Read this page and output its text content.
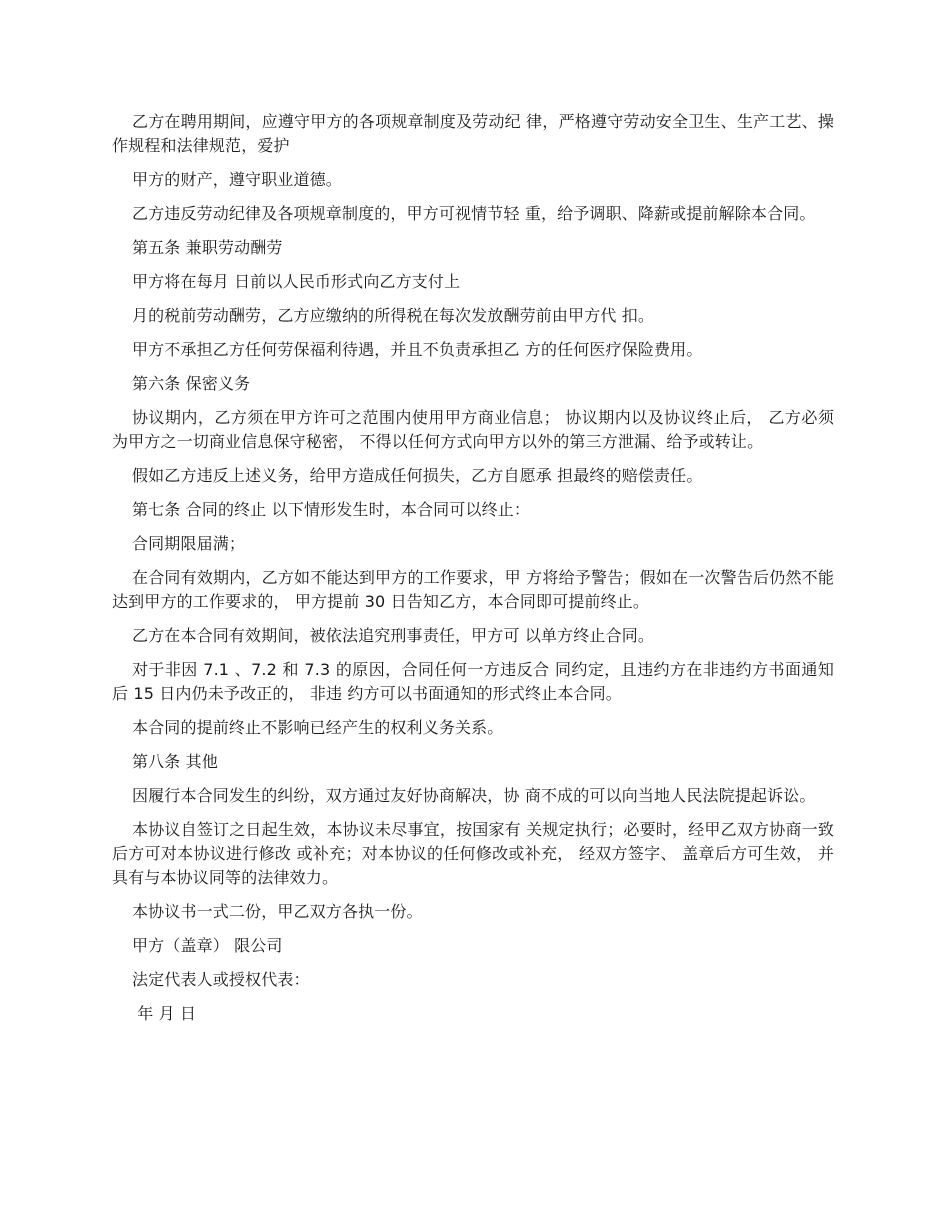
乙方在聘用期间，应遵守甲方的各项规章制度及劳动纪 律，严格遵守劳动安全卫生、生产工艺、操作规程和法律规范，爱护

甲方的财产，遵守职业道德。

乙方违反劳动纪律及各项规章制度的，甲方可视情节轻 重，给予调职、降薪或提前解除本合同。

第五条 兼职劳动酬劳

甲方将在每月 日前以人民币形式向乙方支付上

月的税前劳动酬劳，乙方应缴纳的所得税在每次发放酬劳前由甲方代 扣。

甲方不承担乙方任何劳保福利待遇，并且不负责承担乙 方的任何医疗保险费用。

第六条 保密义务

协议期内，乙方须在甲方许可之范围内使用甲方商业信息； 协议期内以及协议终止后， 乙方必须为甲方之一切商业信息保守秘密， 不得以任何方式向甲方以外的第三方泄漏、给予或转让。

假如乙方违反上述义务，给甲方造成任何损失，乙方自愿承 担最终的赔偿责任。

第七条 合同的终止 以下情形发生时，本合同可以终止：

合同期限届满；

在合同有效期内，乙方如不能达到甲方的工作要求，甲 方将给予警告；假如在一次警告后仍然不能达到甲方的工作要求的， 甲方提前 30 日告知乙方，本合同即可提前终止。

乙方在本合同有效期间，被依法追究刑事责任，甲方可 以单方终止合同。

对于非因 7.1 、7.2 和 7.3 的原因，合同任何一方违反合 同约定，且违约方在非违约方书面通知后 15 日内仍未予改正的， 非违 约方可以书面通知的形式终止本合同。

本合同的提前终止不影响已经产生的权利义务关系。

第八条 其他

因履行本合同发生的纠纷，双方通过友好协商解决，协 商不成的可以向当地人民法院提起诉讼。

本协议自签订之日起生效，本协议未尽事宜，按国家有 关规定执行；必要时，经甲乙双方协商一致后方可对本协议进行修改 或补充；对本协议的任何修改或补充， 经双方签字、 盖章后方可生效， 并具有与本协议同等的法律效力。

本协议书一式二份，甲乙双方各执一份。

甲方（盖章） 限公司

法定代表人或授权代表：

年 月 日
